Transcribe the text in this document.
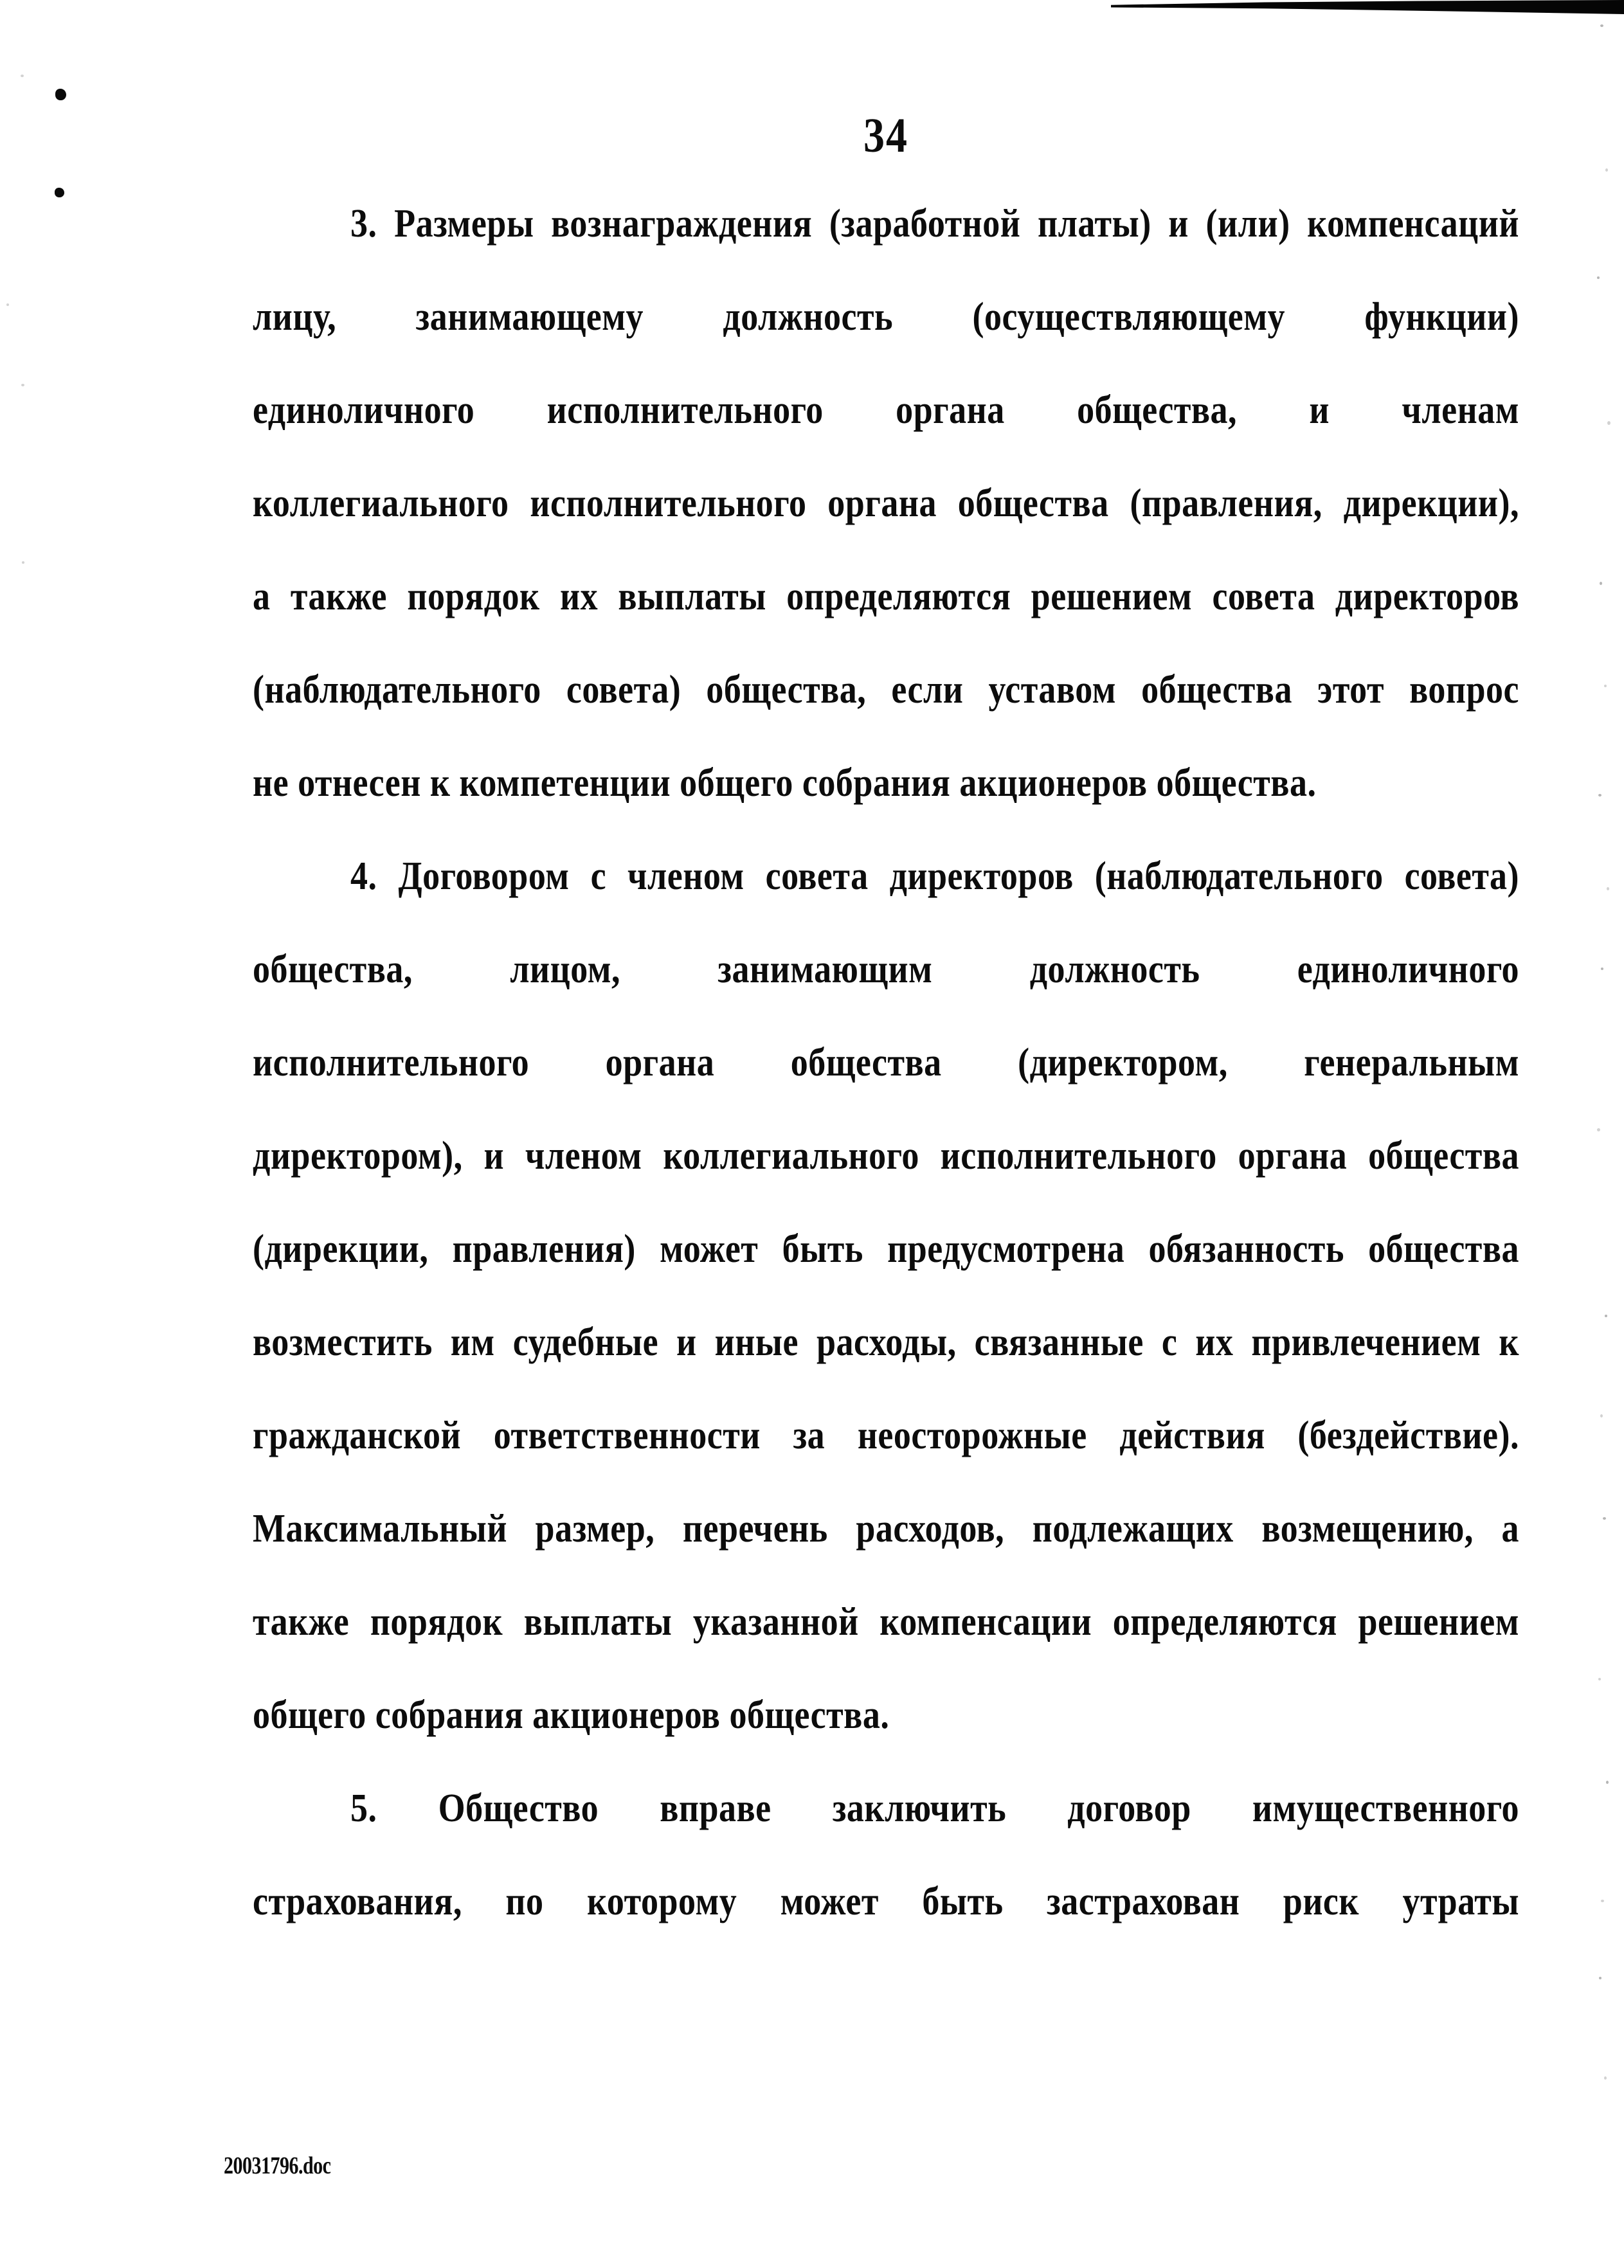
34
3. Размеры вознаграждения (заработной платы) и (или) компенсаций
лицу, занимающему должность (осуществляющему функции)
единоличного исполнительного органа общества, и членам
коллегиального исполнительного органа общества (правления, дирекции),
а также порядок их выплаты определяются решением совета директоров
(наблюдательного совета) общества, если уставом общества этот вопрос
не отнесен к компетенции общего собрания акционеров общества.
4. Договором с членом совета директоров (наблюдательного совета)
общества, лицом, занимающим должность единоличного
исполнительного органа общества (директором, генеральным
директором), и членом коллегиального исполнительного органа общества
(дирекции, правления) может быть предусмотрена обязанность общества
возместить им судебные и иные расходы, связанные с их привлечением к
гражданской ответственности за неосторожные действия (бездействие).
Максимальный размер, перечень расходов, подлежащих возмещению, а
также порядок выплаты указанной компенсации определяются решением
общего собрания акционеров общества.
5. Общество вправе заключить договор имущественного
страхования, по которому может быть застрахован риск утраты
20031796.doc
